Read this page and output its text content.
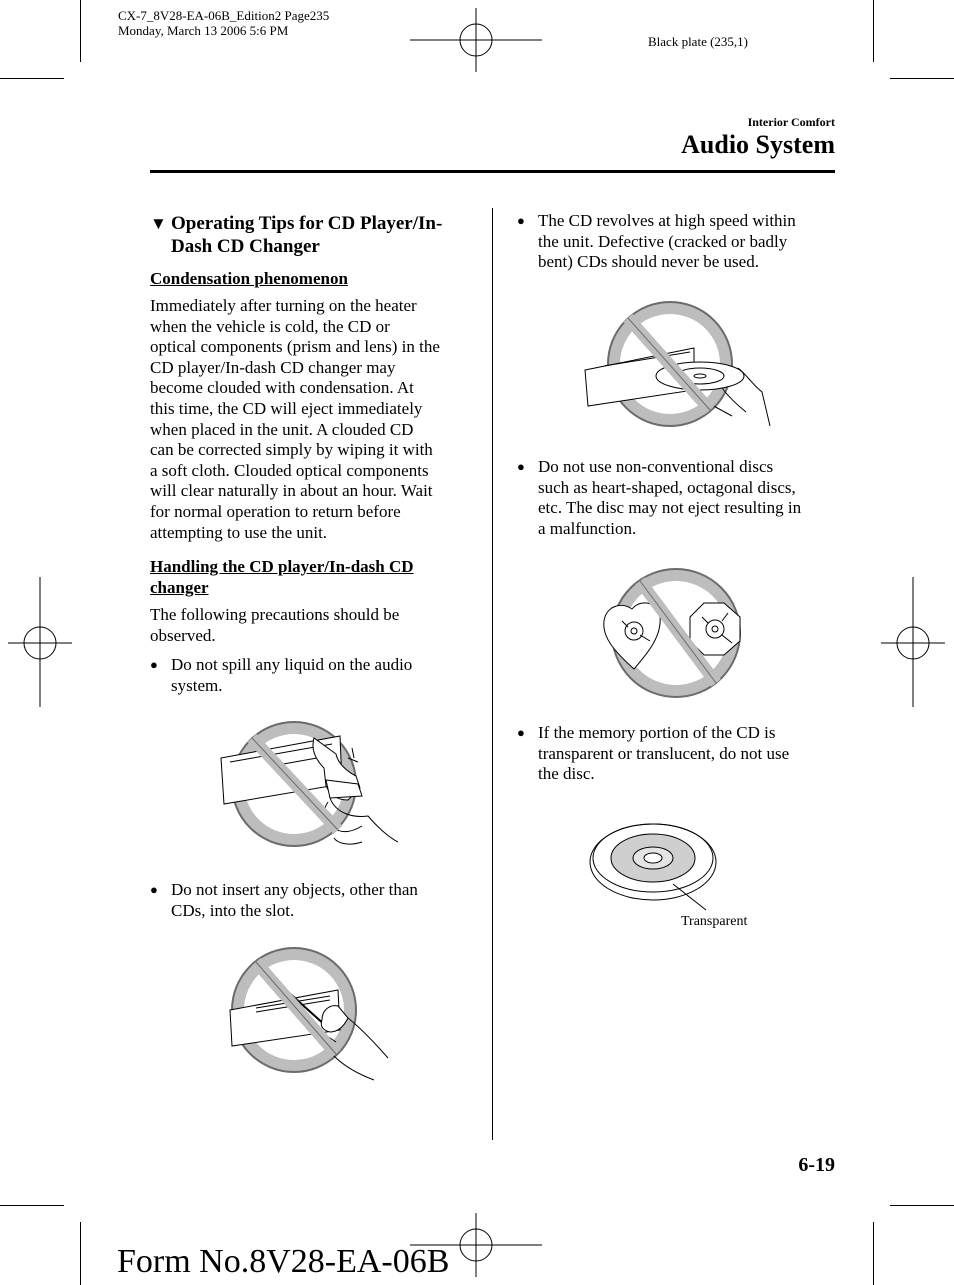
CX-7_8V28-EA-06B_Edition2 Page235
Monday, March 13 2006 5:6 PM
Black plate (235,1)
Interior Comfort
Audio System
▼ Operating Tips for CD Player/In-
Dash CD Changer
Condensation phenomenon
Immediately after turning on the heater
when the vehicle is cold, the CD or
optical components (prism and lens) in the
CD player/In-dash CD changer may
become clouded with condensation. At
this time, the CD will eject immediately
when placed in the unit. A clouded CD
can be corrected simply by wiping it with
a soft cloth. Clouded optical components
will clear naturally in about an hour. Wait
for normal operation to return before
attempting to use the unit.
Handling the CD player/In-dash CD
changer
The following precautions should be
observed.
● Do not spill any liquid on the audio
system.
● Do not insert any objects, other than
CDs, into the slot.
● The CD revolves at high speed within
the unit. Defective (cracked or badly
bent) CDs should never be used.
● Do not use non-conventional discs
such as heart-shaped, octagonal discs,
etc. The disc may not eject resulting in
a malfunction.
● If the memory portion of the CD is
transparent or translucent, do not use
the disc.
Transparent
6-19
Form No.8V28-EA-06B
